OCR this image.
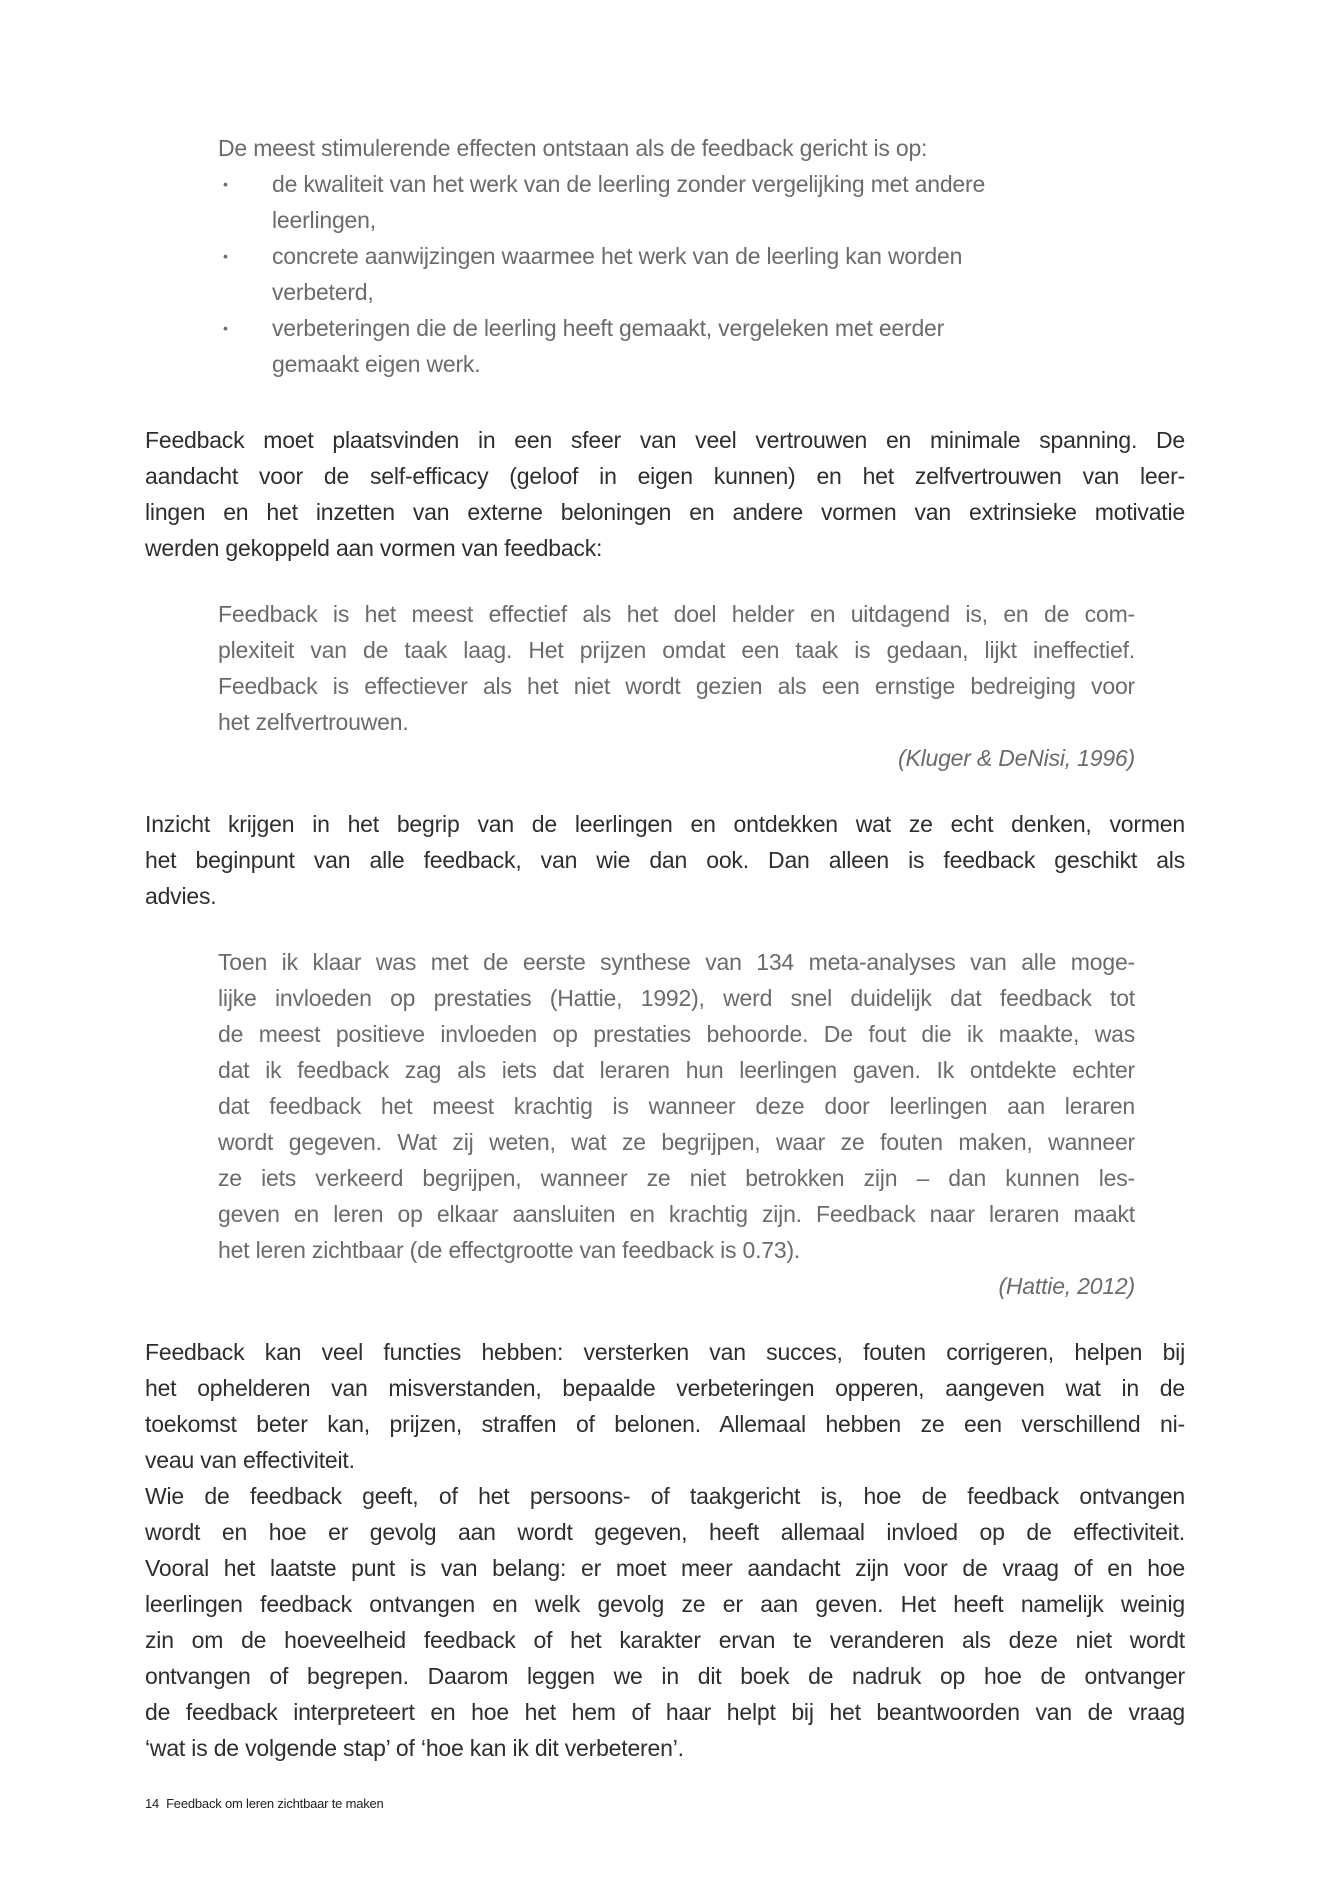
De meest stimulerende effecten ontstaan als de feedback gericht is op:
•	de kwaliteit van het werk van de leerling zonder vergelijking met andere
leerlingen,
•	concrete aanwijzingen waarmee het werk van de leerling kan worden
verbeterd,
•	verbeteringen die de leerling heeft gemaakt, vergeleken met eerder
gemaakt eigen werk.
Feedback moet plaatsvinden in een sfeer van veel vertrouwen en minimale spanning. De
aandacht voor de self-efficacy (geloof in eigen kunnen) en het zelfvertrouwen van leer-
lingen en het inzetten van externe beloningen en andere vormen van extrinsieke motivatie
werden gekoppeld aan vormen van feedback:
Feedback is het meest effectief als het doel helder en uitdagend is, en de com-
plexiteit van de taak laag. Het prijzen omdat een taak is gedaan, lijkt ineffectief.
Feedback is effectiever als het niet wordt gezien als een ernstige bedreiging voor
het zelfvertrouwen.
(Kluger & DeNisi, 1996)
Inzicht krijgen in het begrip van de leerlingen en ontdekken wat ze echt denken, vormen
het beginpunt van alle feedback, van wie dan ook. Dan alleen is feedback geschikt als
advies.
Toen ik klaar was met de eerste synthese van 134 meta-analyses van alle moge-
lijke invloeden op prestaties (Hattie, 1992), werd snel duidelijk dat feedback tot
de meest positieve invloeden op prestaties behoorde. De fout die ik maakte, was
dat ik feedback zag als iets dat leraren hun leerlingen gaven. Ik ontdekte echter
dat feedback het meest krachtig is wanneer deze door leerlingen aan leraren
wordt gegeven. Wat zij weten, wat ze begrijpen, waar ze fouten maken, wanneer
ze iets verkeerd begrijpen, wanneer ze niet betrokken zijn – dan kunnen les-
geven en leren op elkaar aansluiten en krachtig zijn. Feedback naar leraren maakt
het leren zichtbaar (de effectgrootte van feedback is 0.73).
(Hattie, 2012)
Feedback kan veel functies hebben: versterken van succes, fouten corrigeren, helpen bij
het ophelderen van misverstanden, bepaalde verbeteringen opperen, aangeven wat in de
toekomst beter kan, prijzen, straffen of belonen. Allemaal hebben ze een verschillend ni-
veau van effectiviteit.
Wie de feedback geeft, of het persoons- of taakgericht is, hoe de feedback ontvangen
wordt en hoe er gevolg aan wordt gegeven, heeft allemaal invloed op de effectiviteit.
Vooral het laatste punt is van belang: er moet meer aandacht zijn voor de vraag of en hoe
leerlingen feedback ontvangen en welk gevolg ze er aan geven. Het heeft namelijk weinig
zin om de hoeveelheid feedback of het karakter ervan te veranderen als deze niet wordt
ontvangen of begrepen. Daarom leggen we in dit boek de nadruk op hoe de ontvanger
de feedback interpreteert en hoe het hem of haar helpt bij het beantwoorden van de vraag
‘wat is de volgende stap’ of ‘hoe kan ik dit verbeteren’.
14 Feedback om leren zichtbaar te maken
